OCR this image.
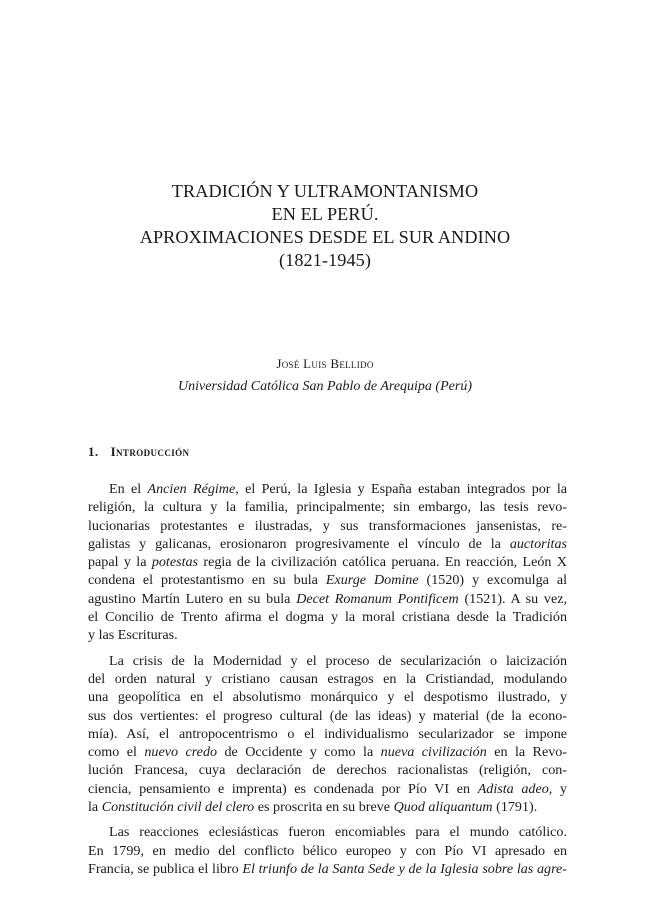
TRADICIÓN Y ULTRAMONTANISMO
EN EL PERÚ.
APROXIMACIONES DESDE EL SUR ANDINO
(1821-1945)
José Luis Bellido
Universidad Católica San Pablo de Arequipa (Perú)
1. Introducción
En el Ancien Régime, el Perú, la Iglesia y España estaban integrados por la
religión, la cultura y la familia, principalmente; sin embargo, las tesis revo-
lucionarias protestantes e ilustradas, y sus transformaciones jansenistas, re-
galistas y galicanas, erosionaron progresivamente el vínculo de la auctoritas
papal y la potestas regia de la civilización católica peruana. En reacción, León X
condena el protestantismo en su bula Exurge Domine (1520) y excomulga al
agustino Martín Lutero en su bula Decet Romanum Pontificem (1521). A su vez,
el Concilio de Trento afirma el dogma y la moral cristiana desde la Tradición
y las Escrituras.
La crisis de la Modernidad y el proceso de secularización o laicización
del orden natural y cristiano causan estragos en la Cristiandad, modulando
una geopolítica en el absolutismo monárquico y el despotismo ilustrado, y
sus dos vertientes: el progreso cultural (de las ideas) y material (de la econo-
mía). Así, el antropocentrismo o el individualismo secularizador se impone
como el nuevo credo de Occidente y como la nueva civilización en la Revo-
lución Francesa, cuya declaración de derechos racionalistas (religión, con-
ciencia, pensamiento e imprenta) es condenada por Pío VI en Adista adeo, y
la Constitución civil del clero es proscrita en su breve Quod aliquantum (1791).
Las reacciones eclesiásticas fueron encomiables para el mundo católico.
En 1799, en medio del conflicto bélico europeo y con Pío VI apresado en
Francia, se publica el libro El triunfo de la Santa Sede y de la Iglesia sobre las agre-
